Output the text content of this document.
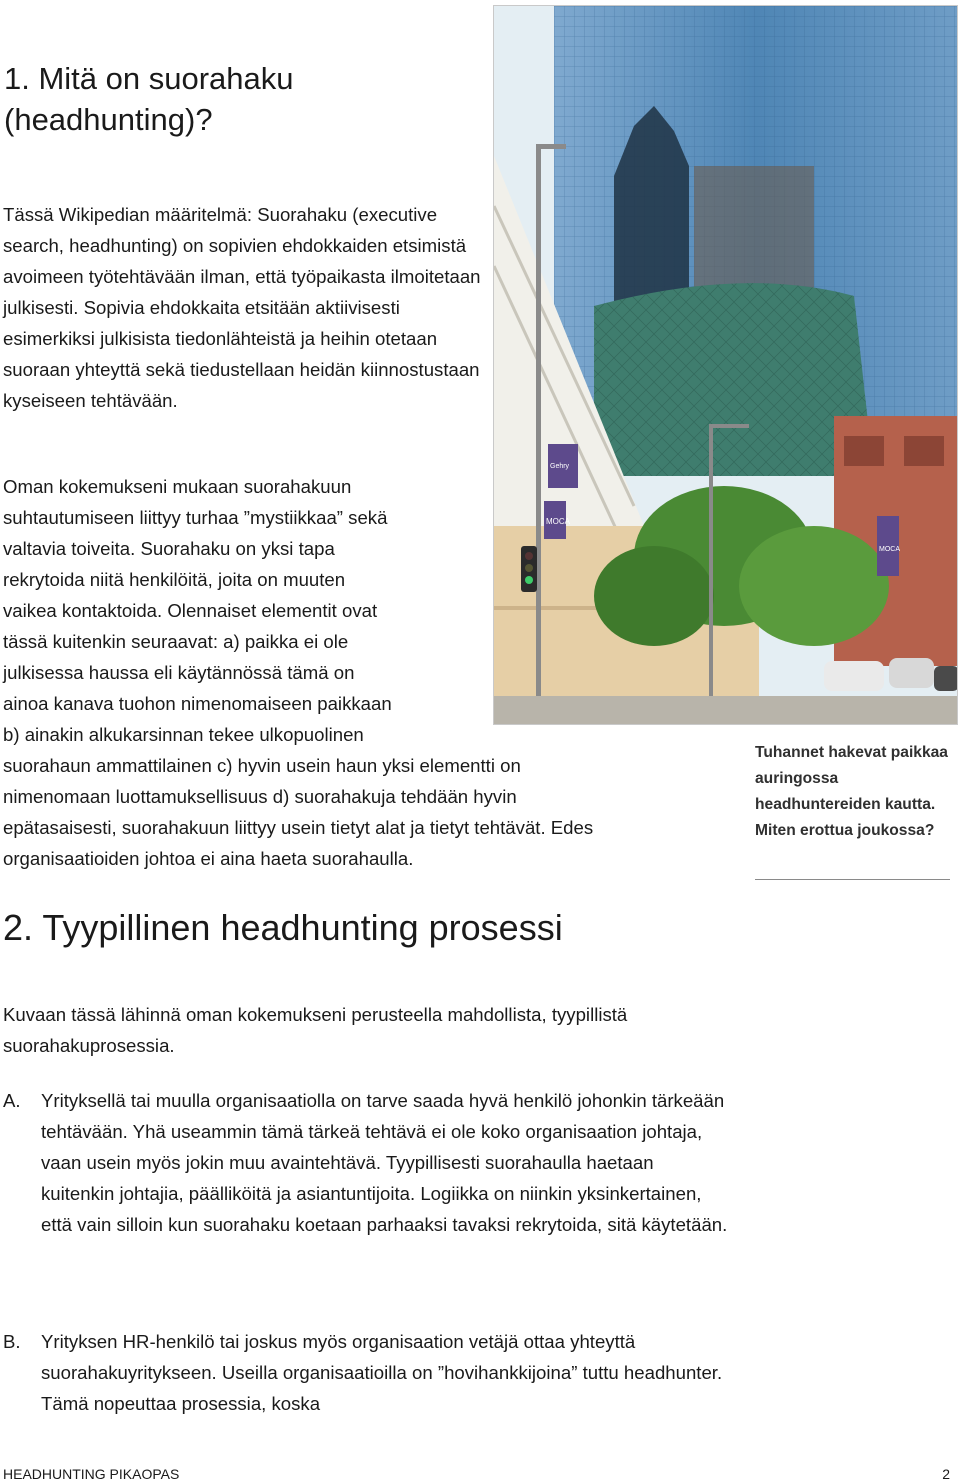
1. Mitä on suorahaku (headhunting)?

Tässä Wikipedian määritelmä: Suorahaku (executive search, headhunting) on sopivien ehdokkaiden etsimistä avoimeen työtehtävään ilman, että työpaikasta ilmoitetaan julkisesti. Sopivia ehdokkaita etsitään aktiivisesti esimerkiksi julkisista tiedonlähteistä ja heihin otetaan suoraan yhteyttä sekä tiedustellaan heidän kiinnostustaan kyseiseen tehtävään.

Oman kokemukseni mukaan suorahakuun
suhtautumiseen liittyy turhaa ”mystiikkaa” sekä
valtavia toiveita. Suorahaku on yksi tapa
rekrytoida niitä henkilöitä, joita on muuten
vaikea kontaktoida. Olennaiset elementit ovat
tässä kuitenkin seuraavat: a) paikka ei ole
julkisessa haussa eli käytännössä tämä on
ainoa kanava tuohon nimenomaiseen paikkaan
b) ainakin alkukarsinnan tekee ulkopuolinen
suorahaun ammattilainen c) hyvin usein haun yksi elementti on
nimenomaan luottamuksellisuus d) suorahakuja tehdään hyvin
epätasaisesti, suorahakuun liittyy usein tietyt alat ja tietyt tehtävät. Edes
organisaatioiden johtoa ei aina haeta suorahaulla.

MOCA
MOCA
Gehry
Tuhannet hakevat paikkaa auringossa headhuntereiden kautta. Miten erottua joukossa?
2. Tyypillinen headhunting prosessi

Kuvaan tässä lähinnä oman kokemukseni perusteella mahdollista, tyypillistä suorahakuprosessia.

A. Yrityksellä tai muulla organisaatiolla on tarve saada hyvä henkilö johonkin tärkeään tehtävään. Yhä useammin tämä tärkeä tehtävä ei ole koko organisaation johtaja, vaan usein myös jokin muu avaintehtävä. Tyypillisesti suorahaulla haetaan kuitenkin johtajia, päälliköitä ja asiantuntijoita. Logiikka on niinkin yksinkertainen, että vain silloin kun suorahaku koetaan parhaaksi tavaksi rekrytoida, sitä käytetään.
B. Yrityksen HR-henkilö tai joskus myös organisaation vetäjä ottaa yhteyttä suorahakuyritykseen. Useilla organisaatioilla on ”hovihankkijoina” tuttu headhunter. Tämä nopeuttaa prosessia, koska
HEADHUNTING PIKAOPAS	2
